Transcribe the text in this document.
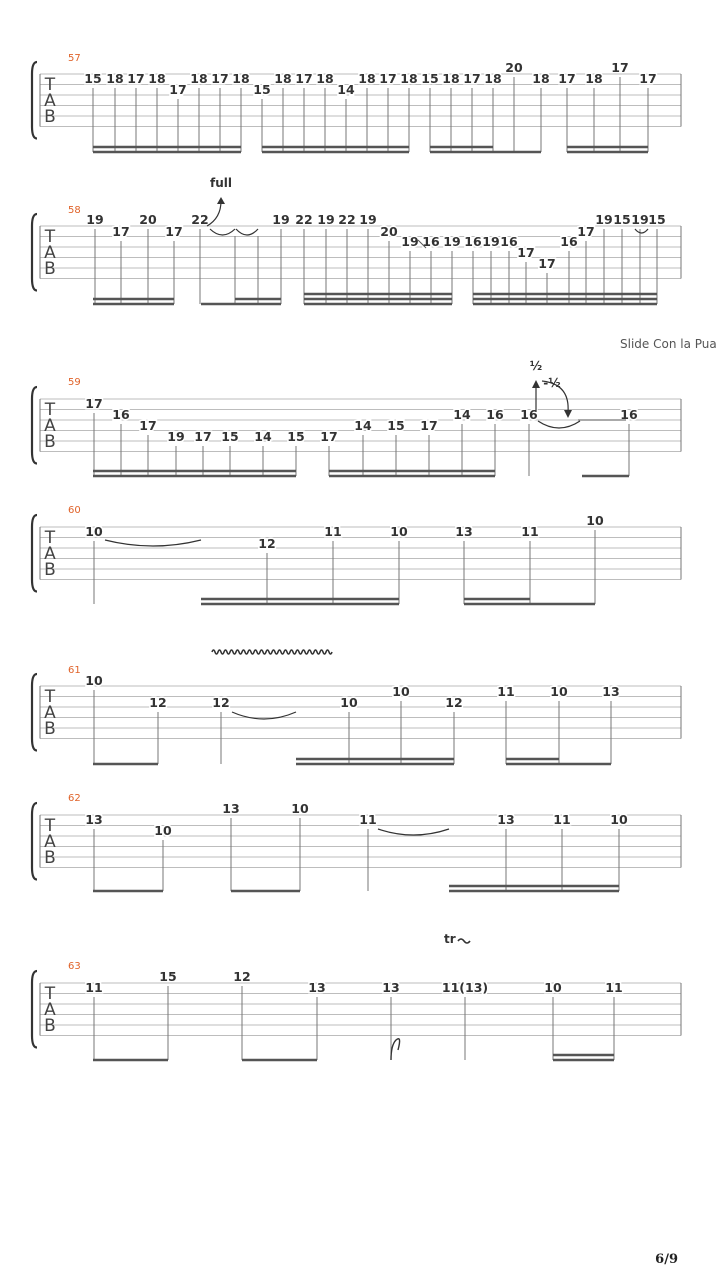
T
A
B
57
15 18 17 18
17
18 17 18
15
18 17 18
14
18 17 18 15 18 17 18
20
18 17 18
17
17
T
A
B
58
19
17
20
17
22	19 22 19 22 19
20
19 16 19 16 19 16
17
17
16
17
19 15 19 15
T
A
B
59
17
16
17
19 17 15 14 15 17
14 15 17
14 16 16	16
T
A
B
60
10
12
11	10	13	11
10
T
A
B
61
10
12	12	10
10
12
11	10	13
T
A
B
62
13
10
13	10
11	13	11	10
T
A
B
63
11
15	12
13	13	11(13)	10	11
full
Slide Con la Pua
½
-½
tr
6/9
